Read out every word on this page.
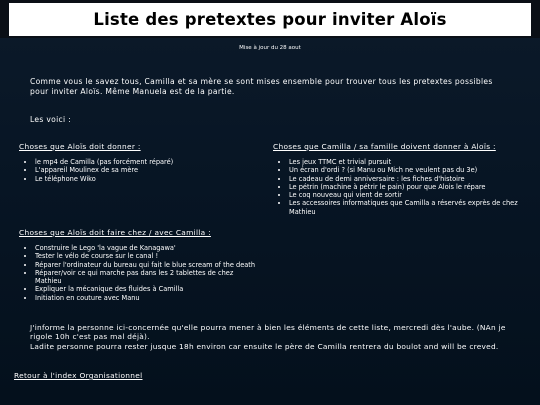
Liste des pretextes pour inviter Aloïs
Mise à jour du 28 aout
Comme vous le savez tous, Camilla et sa mère se sont mises ensemble pour trouver tous les pretextes possibles pour inviter Aloïs. Même Manuela est de la partie.
Les voici :
Choses que Aloïs doit donner :
• le mp4 de Camilla (pas forcément réparé)
• L'appareil Moulinex de sa mère
• Le téléphone Wiko
Choses que Camilla / sa famille doivent donner à Aloïs :
• Les jeux TTMC et trivial pursuit
• Un écran d'ordi ? (si Manu ou Mich ne veulent pas du 3e)
• Le cadeau de demi anniversaire : les fiches d'histoire
• Le pétrin (machine à pétrir le pain) pour que Alois le répare
• Le coq nouveau qui vient de sortir
• Les accessoires informatiques que Camilla a réservés exprès de chez Mathieu
Choses que Aloïs doit faire chez / avec Camilla :
• Construire le Lego 'la vague de Kanagawa'
• Tester le vélo de course sur le canal !
• Réparer l'ordinateur du bureau qui fait le blue scream of the death
• Réparer/voir ce qui marche pas dans les 2 tablettes de chez Mathieu
• Expliquer la mécanique des fluides à Camilla
• Initiation en couture avec Manu
J'informe la personne ici-concernée qu'elle pourra mener à bien les éléments de cette liste, mercredi dès l'aube. (NAn je rigole 10h c'est pas mal déjà).
Ladite personne pourra rester jusque 18h environ car ensuite le père de Camilla rentrera du boulot and will be creved.
Retour à l'index Organisationnel
